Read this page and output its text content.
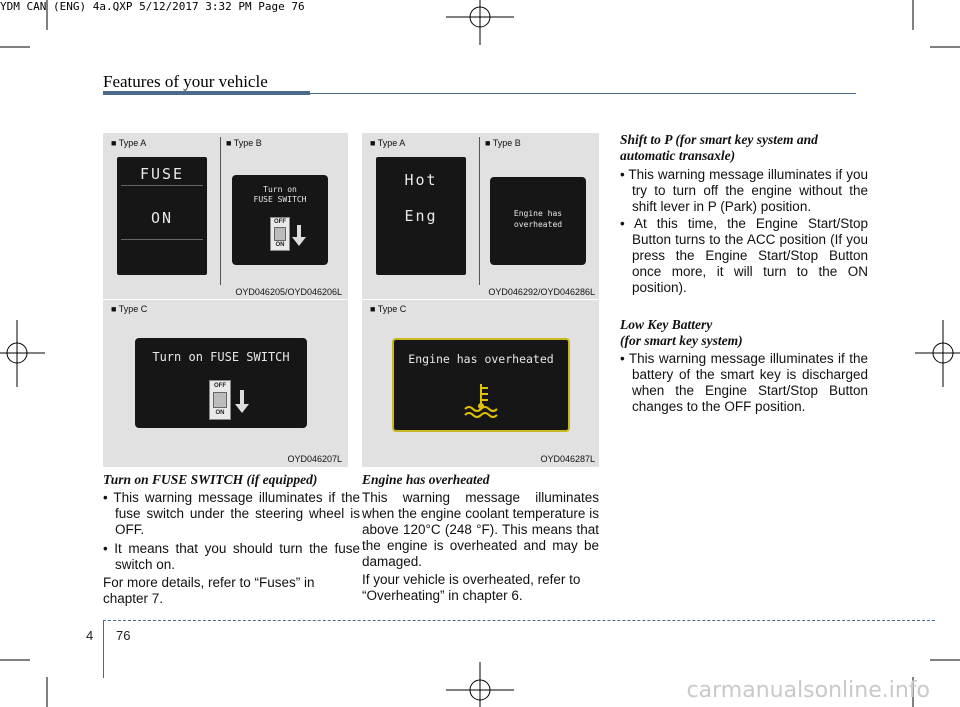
YDM CAN (ENG) 4a.QXP 5/12/2017 3:32 PM Page 76
Features of your vehicle
■ Type A	■ Type B
FUSE
ON
Turn on
FUSE SWITCH
OFF
ON
OYD046205/OYD046206L
■ Type C
Turn on FUSE SWITCH
OFF
ON
OYD046207L
■ Type A	■ Type B
Hot
Eng	Engine has
overheated
OYD046292/OYD046286L
■ Type C
Engine has overheated
OYD046287L
Turn on FUSE SWITCH (if equipped)
• This warning message illuminates if the fuse switch under the steering wheel is OFF.
• It means that you should turn the fuse switch on.
For more details, refer to “Fuses” in chapter 7.
Engine has overheated
This warning message illuminates when the engine coolant temperature is above 120°C (248 °F). This means that the engine is overheated and may be damaged.
If your vehicle is overheated, refer to “Overheating” in chapter 6.
Shift to P (for smart key system and
automatic transaxle)
• This warning message illuminates if you try to turn off the engine without the shift lever in P (Park) position.
• At this time, the Engine Start/Stop Button turns to the ACC position (If you press the Engine Start/Stop Button once more, it will turn to the ON position).
Low Key Battery
(for smart key system)
• This warning message illuminates if the battery of the smart key is discharged when the Engine Start/Stop Button changes to the OFF position.
4 76
carmanualsonline.info
